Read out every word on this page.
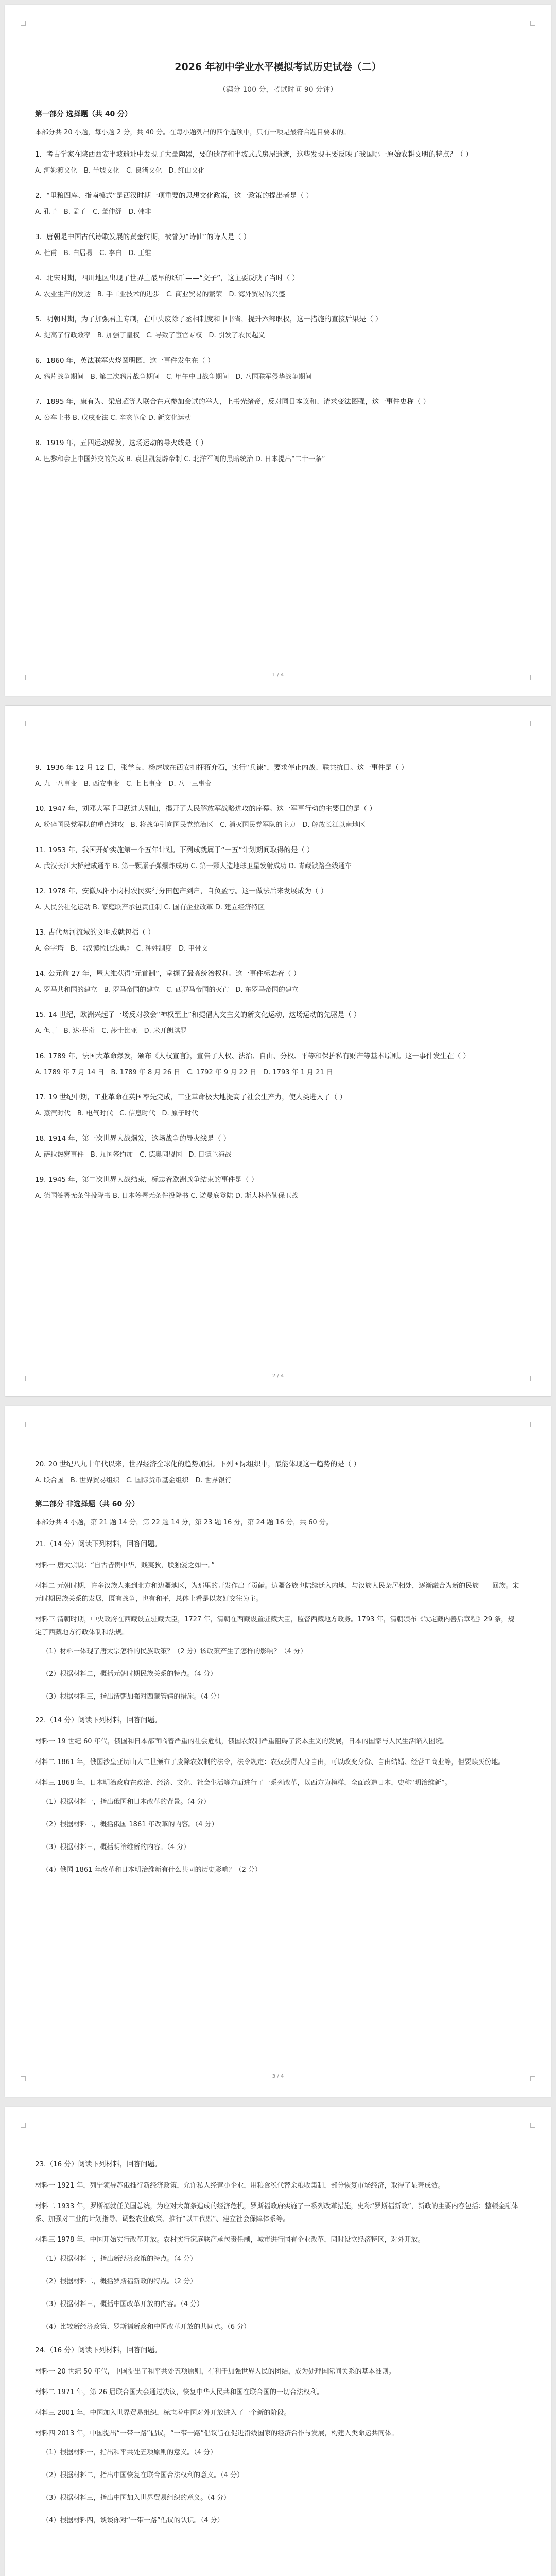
2026 年初中学业水平模拟考试历史试卷（二）
（满分 100 分，考试时间 90 分钟）
第一部分 选择题（共 40 分）
本部分共 20 小题，每小题 2 分，共 40 分。在每小题列出的四个选项中，只有一项是最符合题目要求的。
1．考古学家在陕西西安半坡遗址中发现了大量陶器，要的遗存和半坡式式房屋遗迹，这些发现主要反映了我国哪一原始农耕文明的特点？（ ）
A. 河姆渡文化　B. 半坡文化　C. 良渚文化　D. 红山文化
2．“里粮四库、指南模式”是西汉时期一项重要的思想文化政策，这一政策的提出者是（ ）
A. 孔子　B. 孟子　C. 董仲舒　D. 韩非
3．唐朝是中国古代诗歌发展的黄金时期，被誉为“诗仙”的诗人是（ ）
A. 杜甫　B. 白居易　C. 李白　D. 王维
4．北宋时期，四川地区出现了世界上最早的纸币——“交子”，这主要反映了当时（ ）
A. 农业生产的发达　B. 手工业技术的进步　C. 商业贸易的繁荣　D. 海外贸易的兴盛
5．明朝时期，为了加强君主专制，在中央废除了丞相制度和中书省，提升六部职权，这一措施的直接后果是（ ）
A. 提高了行政效率　B. 加强了皇权　C. 导致了宦官专权　D. 引发了农民起义
6．1860 年，英法联军火烧圆明园，这一事件发生在（ ）
A. 鸦片战争期间　B. 第二次鸦片战争期间　C. 甲午中日战争期间　D. 八国联军侵华战争期间
7．1895 年，康有为、梁启超等人联合在京参加会试的举人，上书光绪帝，反对同日本议和、请求变法图强，这一事件史称（ ）
A. 公车上书 B. 戊戌变法 C. 辛亥革命 D. 新文化运动
8．1919 年，五四运动爆发，这场运动的导火线是（ ）
A. 巴黎和会上中国外交的失败 B. 袁世凯复辟帝制 C. 北洋军阀的黑暗统治 D. 日本提出“二十一条”
1 / 4
9．1936 年 12 月 12 日，张学良、杨虎城在西安扣押蒋介石，实行“兵谏”，要求停止内战、联共抗日。这一事件是（ ）
A. 九一八事变　B. 西安事变　C. 七七事变　D. 八一三事变
10. 1947 年，刘邓大军千里跃进大别山，揭开了人民解放军战略进攻的序幕。这一军事行动的主要目的是（ ）
A. 粉碎国民党军队的重点进攻　B. 将战争引向国民党统治区　C. 消灭国民党军队的主力　D. 解放长江以南地区
11. 1953 年，我国开始实施第一个五年计划。下列成就属于“一五”计划期间取得的是（ ）
A. 武汉长江大桥建成通车 B. 第一颗原子弹爆炸成功 C. 第一颗人造地球卫星发射成功 D. 青藏铁路全线通车
12. 1978 年，安徽凤阳小岗村农民实行分田包产到户，自负盈亏。这一做法后来发展成为（ ）
A. 人民公社化运动 B. 家庭联产承包责任制 C. 国有企业改革 D. 建立经济特区
13. 古代两河流域的文明成就包括（ ）
A. 金字塔　B. 《汉谟拉比法典》　C. 种姓制度　D. 甲骨文
14. 公元前 27 年，屋大维获得“元首制”，掌握了最高统治权利。这一事件标志着（ ）
A. 罗马共和国的建立　B. 罗马帝国的建立　C. 西罗马帝国的灭亡　D. 东罗马帝国的建立
15. 14 世纪，欧洲兴起了一场反对教会“神权至上”和提倡人文主义的新文化运动，这场运动的先驱是（ ）
A. 但丁　B. 达·芬奇　C. 莎士比亚　D. 米开朗琪罗
16. 1789 年，法国大革命爆发，颁布《人权宣言》，宣告了人权、法治、自由、分权、平等和保护私有财产等基本原则。这一事件发生在（ ）
A. 1789 年 7 月 14 日　B. 1789 年 8 月 26 日　C. 1792 年 9 月 22 日　D. 1793 年 1 月 21 日
17. 19 世纪中期，工业革命在英国率先完成，工业革命极大地提高了社会生产力，使人类进入了（ ）
A. 蒸汽时代　B. 电气时代　C. 信息时代　D. 原子时代
18. 1914 年，第一次世界大战爆发，这场战争的导火线是（ ）
A. 萨拉热窝事件　B. 九国签约加　C. 德奥同盟国　D. 日德兰海战
19. 1945 年，第二次世界大战结束，标志着欧洲战争结束的事件是（ ）
A. 德国签署无条件投降书 B. 日本签署无条件投降书 C. 诺曼底登陆 D. 斯大林格勒保卫战
2 / 4
20. 20 世纪八九十年代以来，世界经济全球化的趋势加强。下列国际组织中，最能体现这一趋势的是（ ）
A. 联合国　B. 世界贸易组织　C. 国际货币基金组织　D. 世界银行
第二部分 非选择题（共 60 分）
本部分共 4 小题，第 21 题 14 分，第 22 题 14 分，第 23 题 16 分，第 24 题 16 分，共 60 分。
21.（14 分）阅读下列材料，回答问题。
材料一 唐太宗说：“自古皆贵中华，贱夷狄，朕独爱之如一。”
材料二 元朝时期，许多汉族人来到北方和边疆地区，为那里的开发作出了贡献。边疆各族也陆续迁入内地，与汉族人民杂居相处，逐渐融合为新的民族——回族。宋元时期民族关系的发展，既有战争，也有和平，总体上看是以友好交往为主。
材料三 清朝时期，中央政府在西藏设立驻藏大臣，1727 年，清朝在西藏设置驻藏大臣，监督西藏地方政务。1793 年，清朝颁布《钦定藏内善后章程》29 条，规定了西藏地方行政体制和法规。
（1）材料一体现了唐太宗怎样的民族政策？（2 分）该政策产生了怎样的影响？（4 分）
（2）根据材料二，概括元朝时期民族关系的特点。（4 分）
（3）根据材料三，指出清朝加强对西藏管辖的措施。（4 分）
22.（14 分）阅读下列材料，回答问题。
材料一 19 世纪 60 年代，俄国和日本都面临着严重的社会危机，俄国农奴制严重阻碍了资本主义的发展，日本的国家与人民生活陷入困境。
材料二 1861 年，俄国沙皇亚历山大二世颁布了废除农奴制的法令，法令规定：农奴获得人身自由，可以改变身份、自由结婚、经营工商业等，但要赎买份地。
材料三 1868 年，日本明治政府在政治、经济、文化、社会生活等方面进行了一系列改革，以西方为榜样，全面改造日本，史称“明治维新”。
（1）根据材料一，指出俄国和日本改革的背景。（4 分）
（2）根据材料二，概括俄国 1861 年改革的内容。（4 分）
（3）根据材料三，概括明治维新的内容。（4 分）
（4）俄国 1861 年改革和日本明治维新有什么共同的历史影响？（2 分）
3 / 4
23.（16 分）阅读下列材料，回答问题。
材料一 1921 年，列宁领导苏俄推行新经济政策，允许私人经营小企业，用粮食税代替余粮收集制，部分恢复市场经济，取得了显著成效。
材料二 1933 年，罗斯福就任美国总统，为应对大萧条造成的经济危机，罗斯福政府实施了一系列改革措施，史称“罗斯福新政”，新政的主要内容包括：整顿金融体系、加强对工业的计划指导、调整农业政策、推行“以工代赈”、建立社会保障体系等。
材料三 1978 年，中国开始实行改革开放。农村实行家庭联产承包责任制，城市进行国有企业改革，同时设立经济特区，对外开放。
（1）根据材料一，指出新经济政策的特点。（4 分）
（2）根据材料二，概括罗斯福新政的特点。（2 分）
（3）根据材料三，概括中国改革开放的内容。（4 分）
（4）比较新经济政策、罗斯福新政和中国改革开放的共同点。（6 分）
24.（16 分）阅读下列材料，回答问题。
材料一 20 世纪 50 年代，中国提出了和平共处五项原则，有利于加强世界人民的团结，成为处理国际间关系的基本准则。
材料二 1971 年，第 26 届联合国大会通过决议，恢复中华人民共和国在联合国的一切合法权利。
材料三 2001 年，中国加入世界贸易组织，标志着中国对外开放进入了一个新的阶段。
材料四 2013 年，中国提出“一带一路”倡议，“一带一路”倡议旨在促进沿线国家的经济合作与发展，构建人类命运共同体。
（1）根据材料一，指出和平共处五项原则的意义。（4 分）
（2）根据材料二，指出中国恢复在联合国合法权利的意义。（4 分）
（3）根据材料三，指出中国加入世界贸易组织的意义。（4 分）
（4）根据材料四，谈谈你对“一带一路”倡议的认识。（4 分）
